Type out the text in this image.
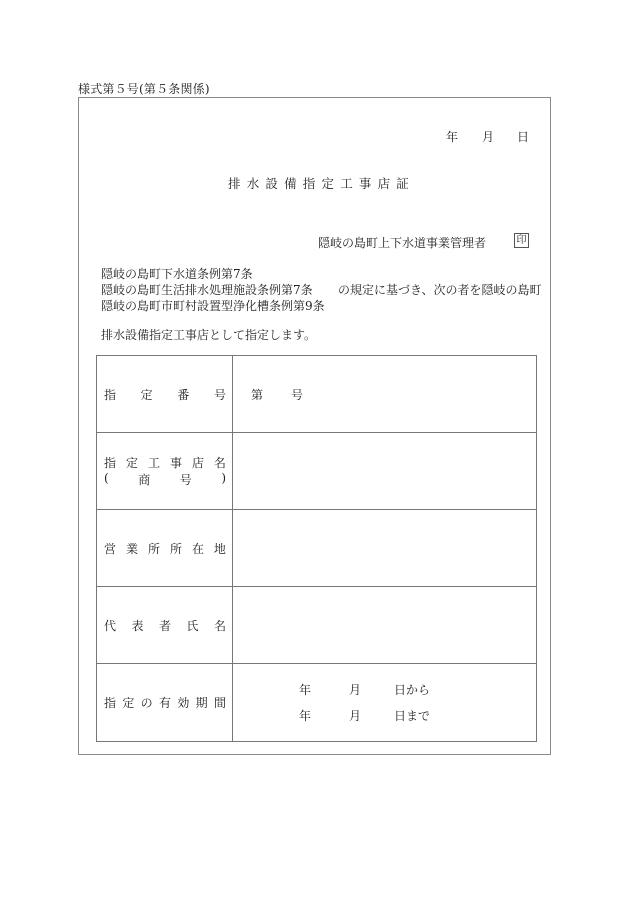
様式第５号(第５条関係)
年 月 日
排水設備指定工事店証
隠岐の島町上下水道事業管理者	印
隠岐の島町下水道条例第7条
隠岐の島町生活排水処理施設条例第7条
隠岐の島町市町村設置型浄化槽条例第9条
の規定に基づき、次の者を隠岐の島町
排水設備指定工事店として指定します。
指 定 番 号	第 号

指 定 工 事 店 名
( 商 号 )

営 業 所 所 在 地

代 表 者 氏 名	

指 定 の 有 効 期 間

年	月	日から
年	月	日まで
